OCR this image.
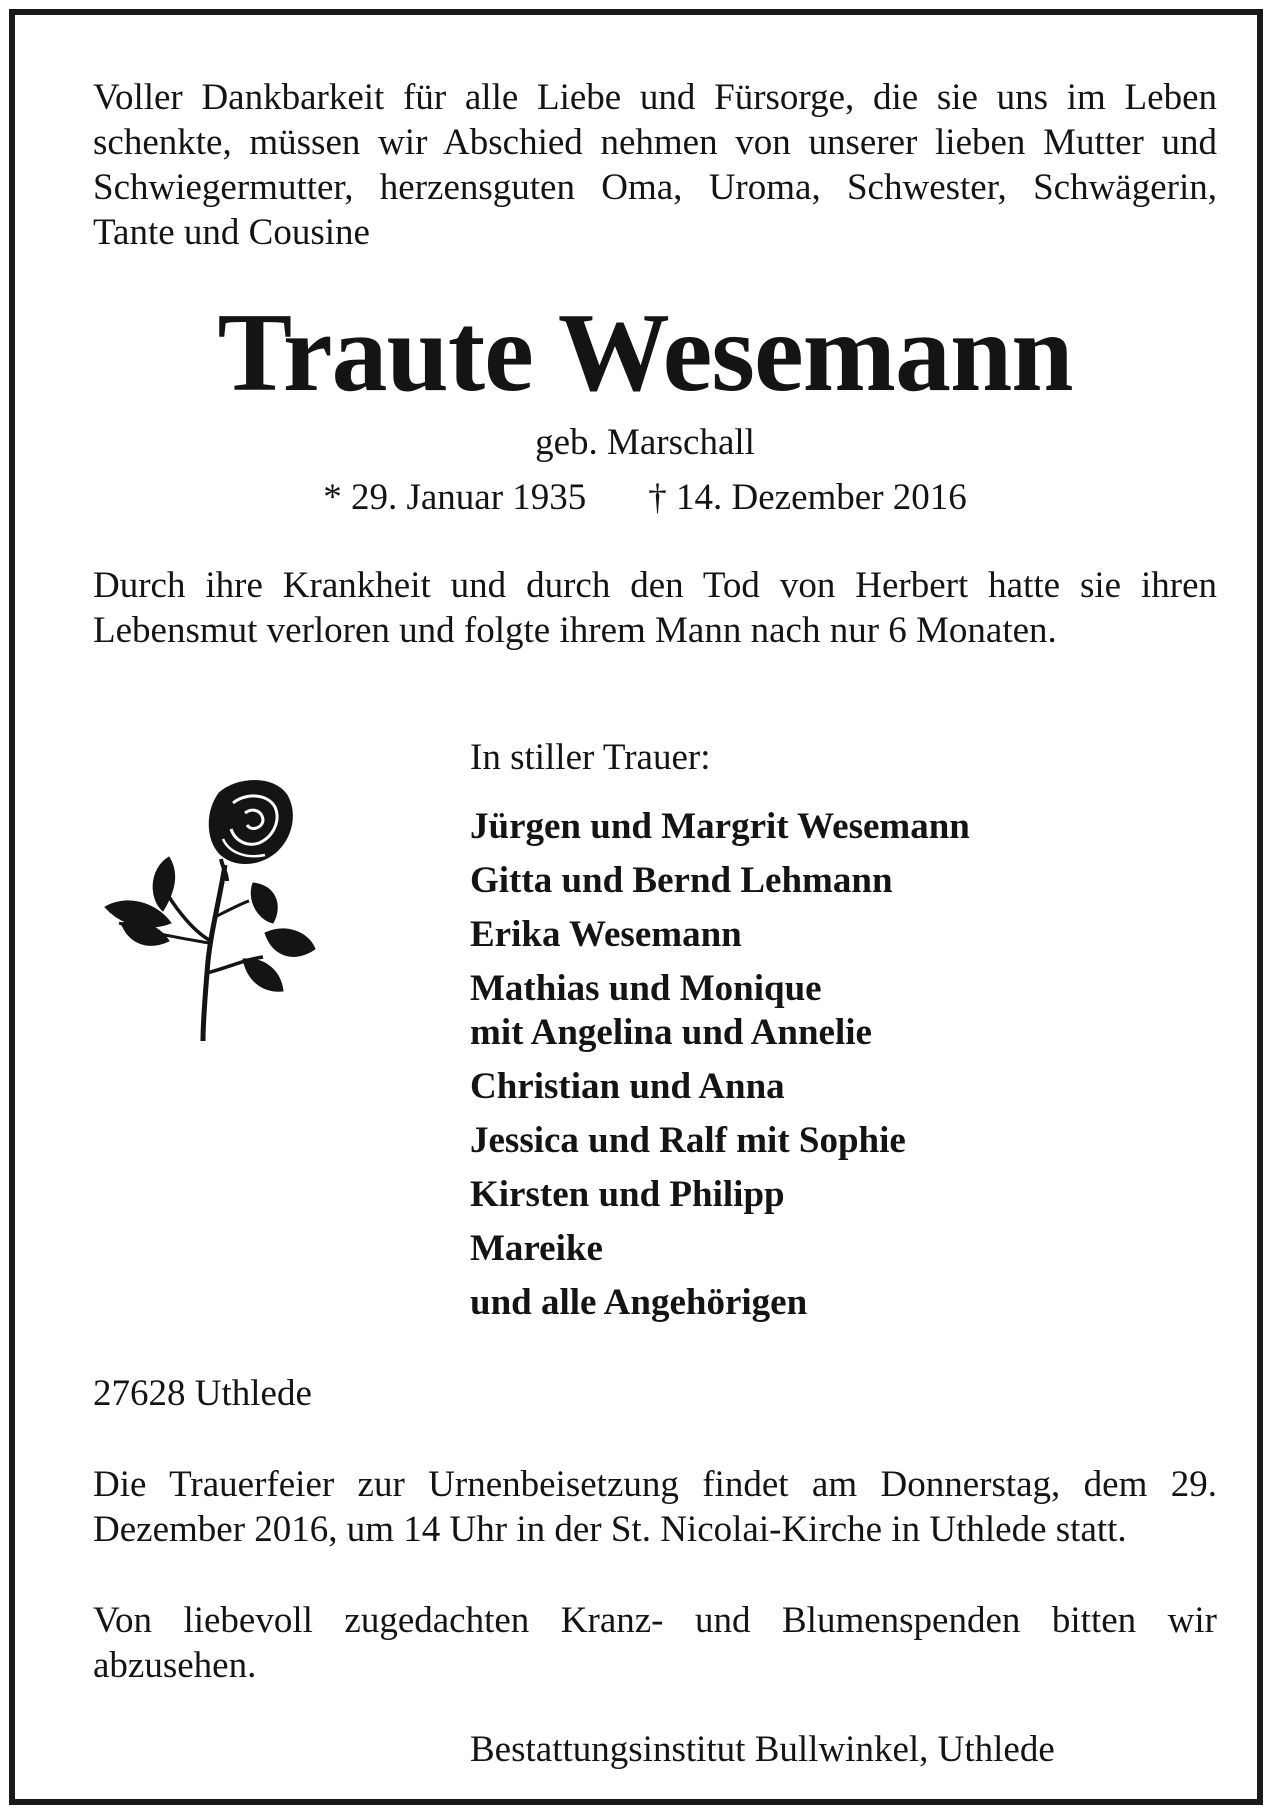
Voller Dankbarkeit für alle Liebe und Fürsorge, die sie uns im Leben schenkte, müssen wir Abschied nehmen von unserer lieben Mutter und Schwiegermutter, herzensguten Oma, Uroma, Schwester, Schwägerin, Tante und Cousine

Traute Wesemann

geb. Marschall

* 29. Januar 1935 † 14. Dezember 2016

Durch ihre Krankheit und durch den Tod von Herbert hatte sie ihren Lebensmut verloren und folgte ihrem Mann nach nur 6 Monaten.

In stiller Trauer:

Jürgen und Margrit Wesemann
Gitta und Bernd Lehmann
Erika Wesemann
Mathias und Monique
mit Angelina und Annelie
Christian und Anna
Jessica und Ralf mit Sophie
Kirsten und Philipp
Mareike
und alle Angehörigen

27628 Uthlede

Die Trauerfeier zur Urnenbeisetzung findet am Donnerstag, dem 29. Dezember 2016, um 14 Uhr in der St. Nicolai-Kirche in Uthlede statt.

Von liebevoll zugedachten Kranz- und Blumenspenden bitten wir abzusehen.

Bestattungsinstitut Bullwinkel, Uthlede
